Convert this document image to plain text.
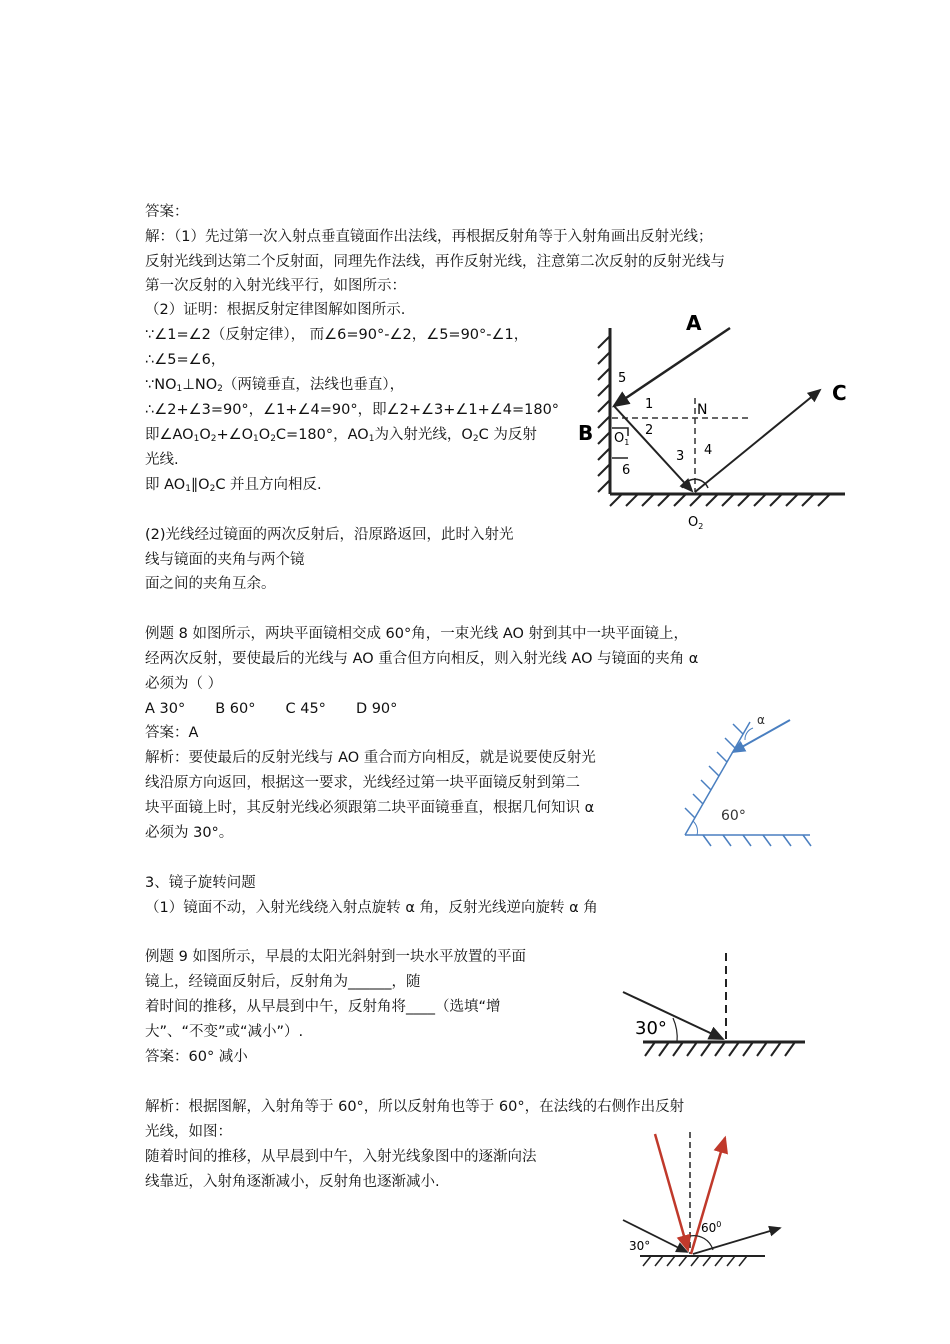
答案：
解：（1）先过第一次入射点垂直镜面作出法线，再根据反射角等于入射角画出反射光线；
反射光线到达第二个反射面，同理先作法线，再作反射光线，注意第二次反射的反射光线与
第一次反射的入射光线平行，如图所示：
（2）证明：根据反射定律图解如图所示.
∵∠1=∠2（反射定律）， 而∠6=90°-∠2，∠5=90°-∠1，
∴∠5=∠6，
$\because NO_1\perp NO_2$（两镜垂直，法线也垂直），
∴∠2+∠3=90°，∠1+∠4=90°，即∠2+∠3+∠1+∠4=180°
即$\angle AO_1O_2+\angle O_1O_2C=180^\circ$，$AO_1$为入射光线，$O_2C$ 为反射
光线.
即 $AO_1\parallel O_2C$ 并且方向相反.
(2)光线经过镜面的两次反射后，沿原路返回，此时入射光
线与镜面的夹角与两个镜
面之间的夹角互余。
例题 8 如图所示，两块平面镜相交成 60°角，一束光线 AO 射到其中一块平面镜上，
经两次反射，要使最后的光线与 AO 重合但方向相反，则入射光线 AO 与镜面的夹角 α
必须为（ ）
A 30° B 60° C 45° D 90°
答案：A
解析：要使最后的反射光线与 AO 重合而方向相反，就是说要使反射光
线沿原方向返回，根据这一要求，光线经过第一块平面镜反射到第二
块平面镜上时，其反射光线必须跟第二块平面镜垂直，根据几何知识 α
必须为 30°。
3、镜子旋转问题
（1）镜面不动，入射光线绕入射点旋转 α 角，反射光线逆向旋转 α 角
例题 9 如图所示，早晨的太阳光斜射到一块水平放置的平面
镜上，经镜面反射后，反射角为______，随
着时间的推移，从早晨到中午，反射角将____（选填“增
大”、“不变”或“减小”）.
答案：60° 减小
解析：根据图解，入射角等于 60°，所以反射角也等于 60°，在法线的右侧作出反射
光线，如图：
随着时间的推移，从早晨到中午，入射光线象图中的逐渐向法
线靠近，入射角逐渐减小，反射角也逐渐减小.
A
B
C
N
$O_1$
$O_2$
5
1
2
6
3 4
α
60°
30°
30°
$60^0$
